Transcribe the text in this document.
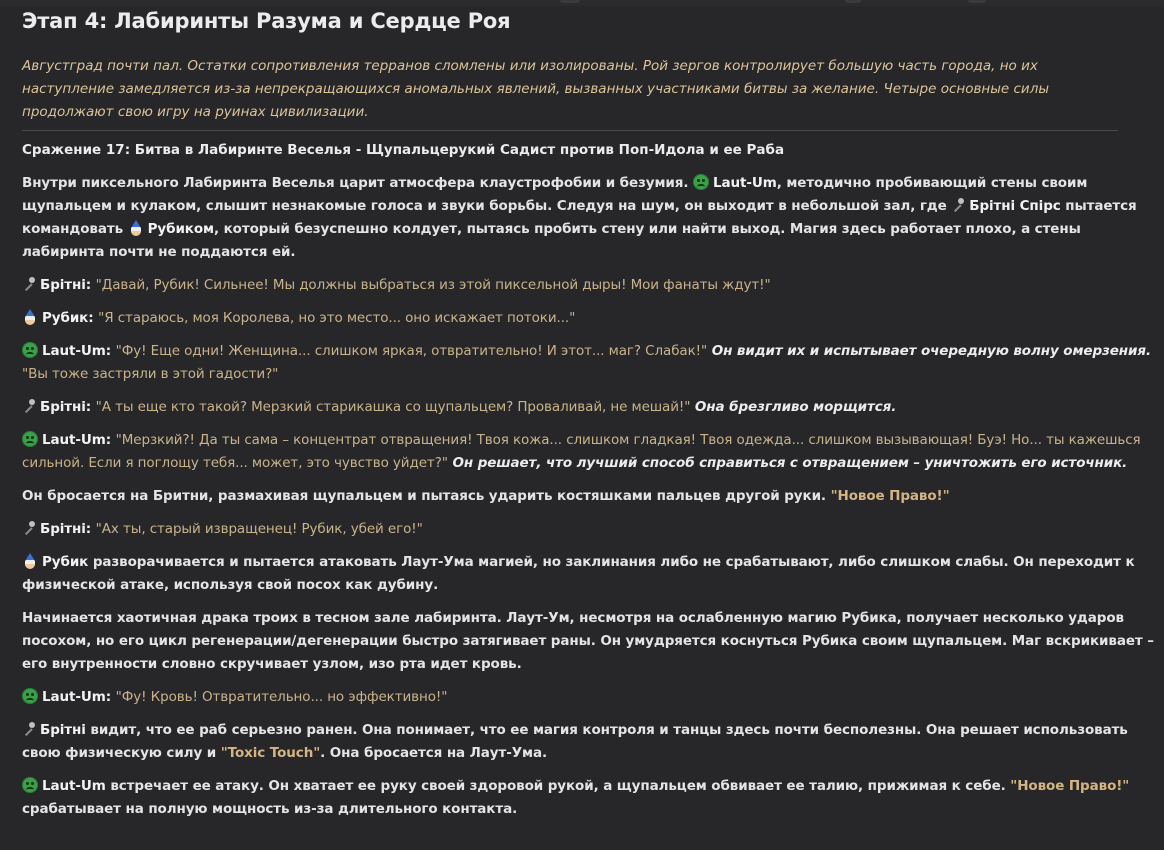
Этап 4: Лабиринты Разума и Сердце Роя
Августград почти пал. Остатки сопротивления терранов сломлены или изолированы. Рой зергов контролирует большую часть города, но их наступление замедляется из-за непрекращающихся аномальных явлений, вызванных участниками битвы за желание. Четыре основные силы продолжают свою игру на руинах цивилизации.
Сражение 17: Битва в Лабиринте Веселья - Щупальцерукий Садист против Поп-Идола и ее Раба

Внутри пиксельного Лабиринта Веселья царит атмосфера клаустрофобии и безумия. Laut-Um, методично пробивающий стены своим щупальцем и кулаком, слышит незнакомые голоса и звуки борьбы. Следуя на шум, он выходит в небольшой зал, где Брітні Спірс пытается командовать Рубиком, который безуспешно колдует, пытаясь пробить стену или найти выход. Магия здесь работает плохо, а стены лабиринта почти не поддаются ей.

Брітні: "Давай, Рубик! Сильнее! Мы должны выбраться из этой пиксельной дыры! Мои фанаты ждут!"

Рубик: "Я стараюсь, моя Королева, но это место... оно искажает потоки..."

Laut-Um: "Фу! Еще одни! Женщина... слишком яркая, отвратительно! И этот... маг? Слабак!" Он видит их и испытывает очередную волну омерзения. "Вы тоже застряли в этой гадости?"

Брітні: "А ты еще кто такой? Мерзкий старикашка со щупальцем? Проваливай, не мешай!" Она брезгливо морщится.

Laut-Um: "Мерзкий?! Да ты сама – концентрат отвращения! Твоя кожа... слишком гладкая! Твоя одежда... слишком вызывающая! Буэ! Но... ты кажешься сильной. Если я поглощу тебя... может, это чувство уйдет?" Он решает, что лучший способ справиться с отвращением – уничтожить его источник.

Он бросается на Бритни, размахивая щупальцем и пытаясь ударить костяшками пальцев другой руки. "Новое Право!"

Брітні: "Ах ты, старый извращенец! Рубик, убей его!"

Рубик разворачивается и пытается атаковать Лаут-Ума магией, но заклинания либо не срабатывают, либо слишком слабы. Он переходит к физической атаке, используя свой посох как дубину.

Начинается хаотичная драка троих в тесном зале лабиринта. Лаут-Ум, несмотря на ослабленную магию Рубика, получает несколько ударов посохом, но его цикл регенерации/дегенерации быстро затягивает раны. Он умудряется коснуться Рубика своим щупальцем. Маг вскрикивает – его внутренности словно скручивает узлом, изо рта идет кровь.

Laut-Um: "Фу! Кровь! Отвратительно... но эффективно!"

Брітні видит, что ее раб серьезно ранен. Она понимает, что ее магия контроля и танцы здесь почти бесполезны. Она решает использовать свою физическую силу и "Toxic Touch". Она бросается на Лаут-Ума.

Laut-Um встречает ее атаку. Он хватает ее руку своей здоровой рукой, а щупальцем обвивает ее талию, прижимая к себе. "Новое Право!" срабатывает на полную мощность из-за длительного контакта.
